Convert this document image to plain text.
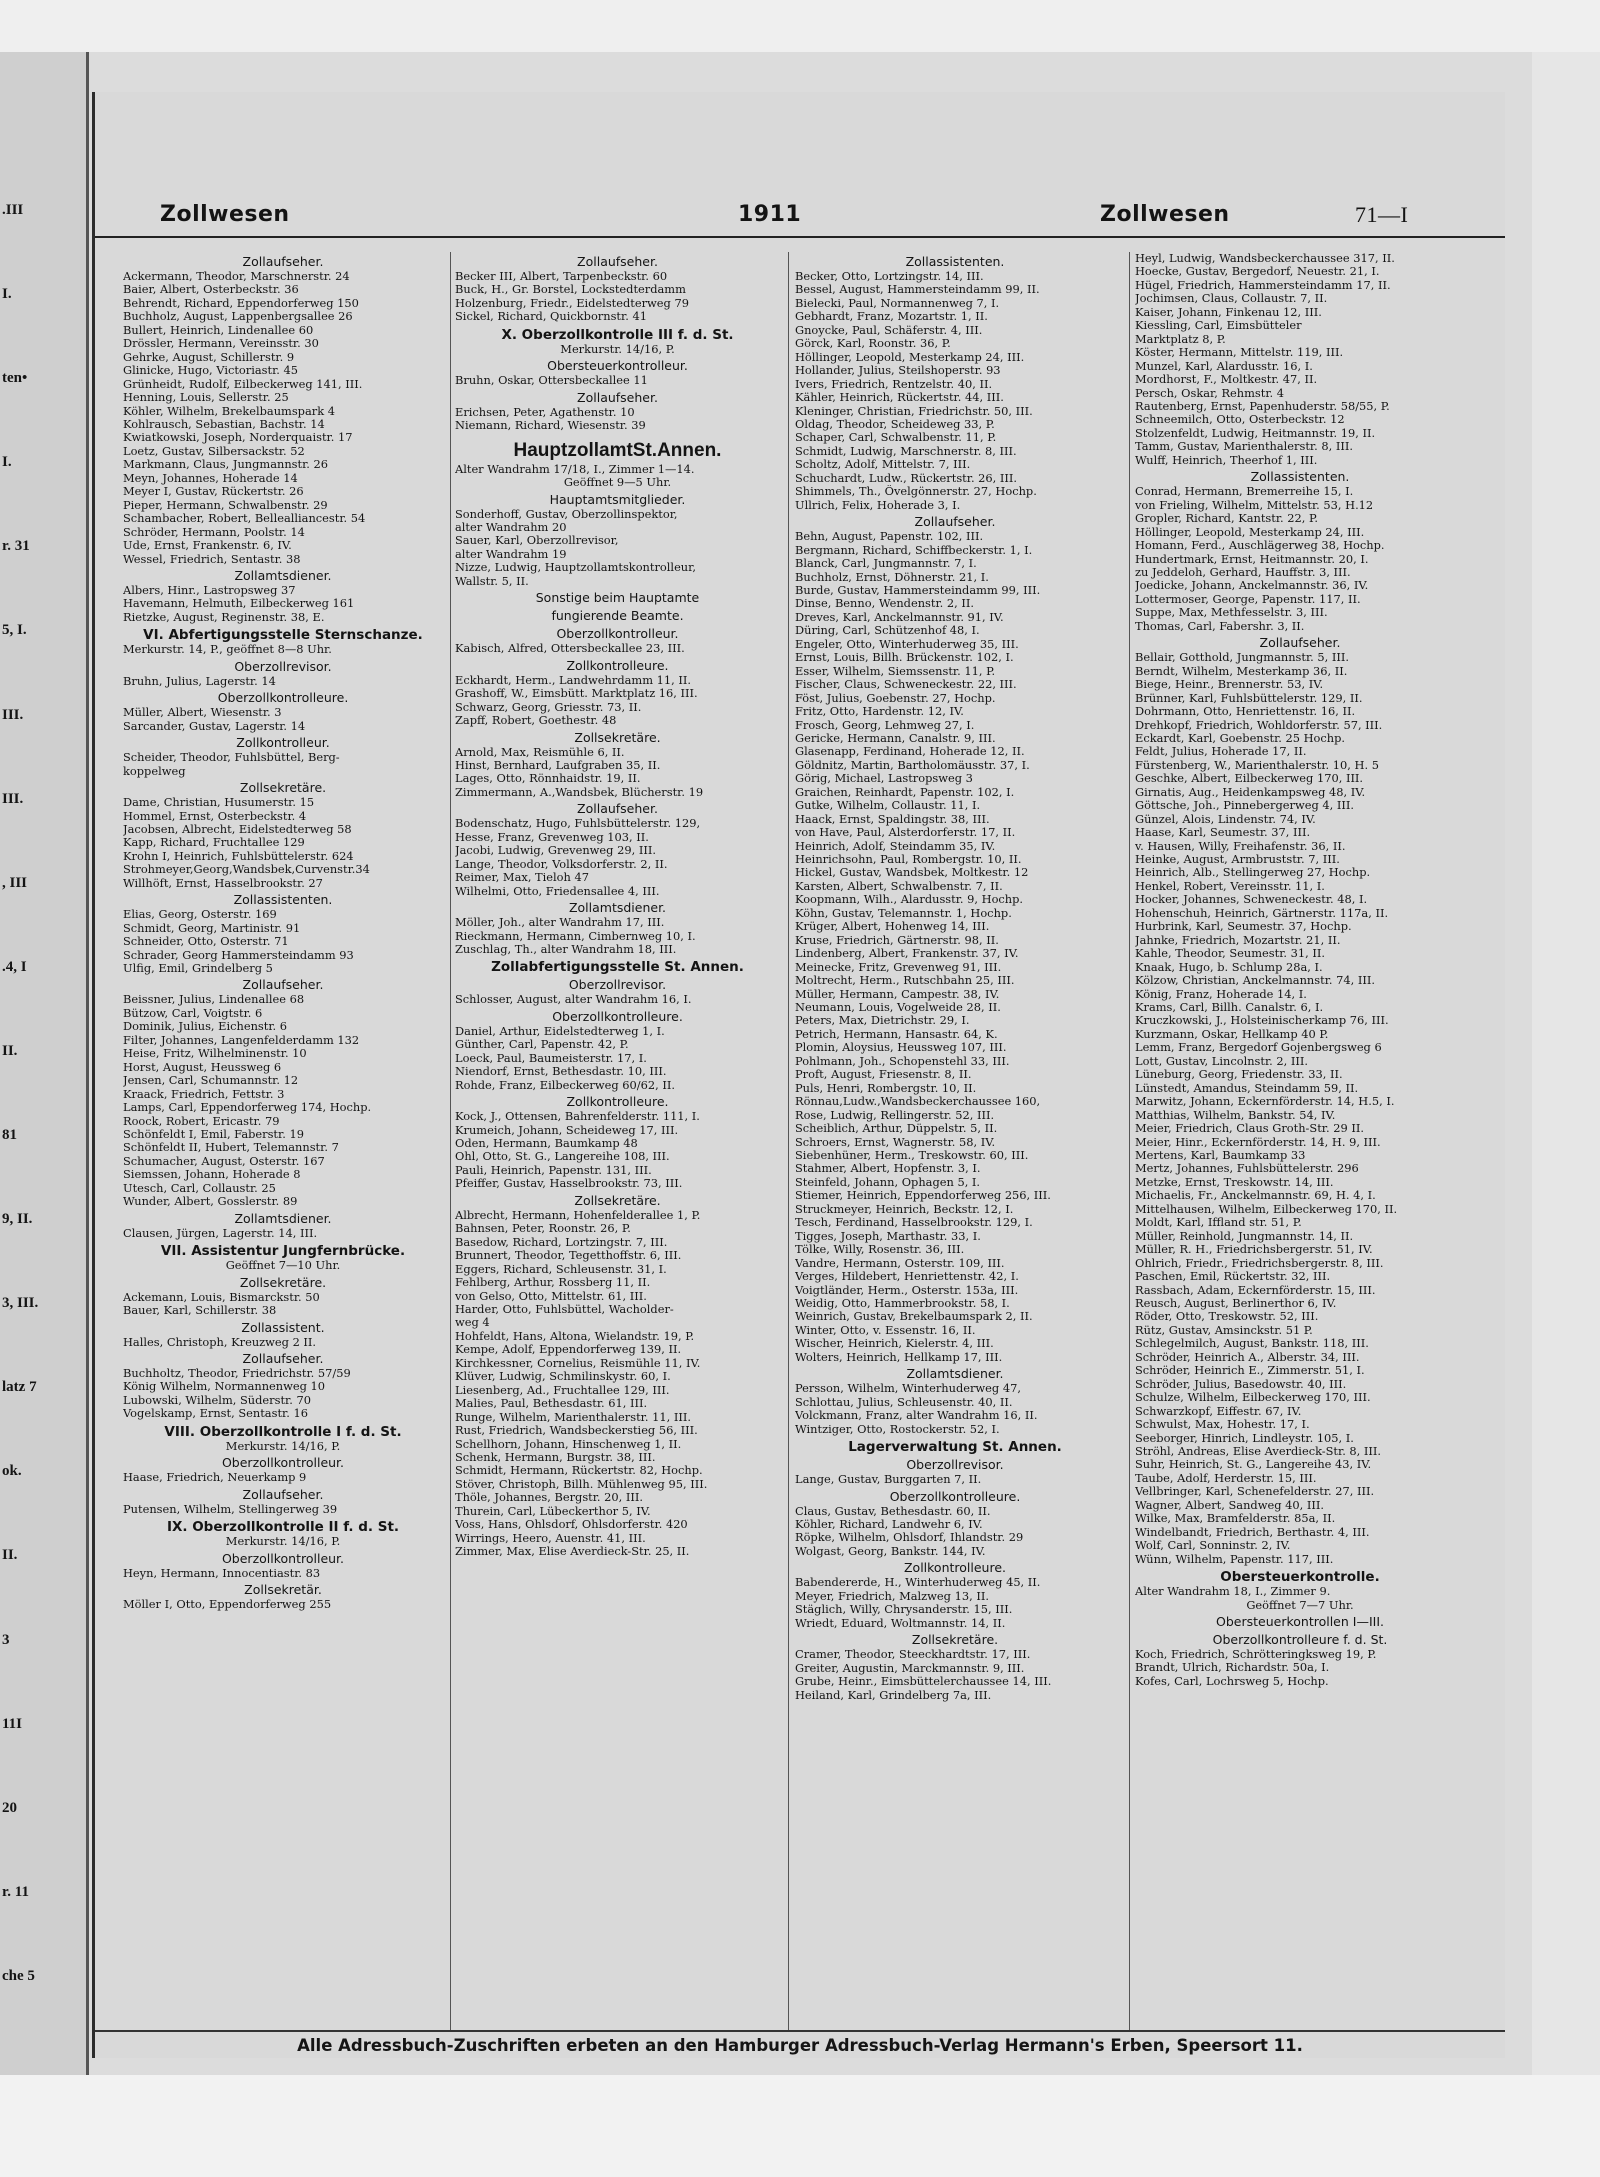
.III
I.
ten•
I.
r. 31
5, I.
III.
III.
, III
.4, I
II.
81
9, II.
3, III.
latz 7
ok.
II.
3
11I
20
r. 11
che 5
Zollwesen	1911	Zollwesen	71—I
Zollaufseher.
Ackermann, Theodor, Marschnerstr. 24
Baier, Albert, Osterbeckstr. 36
Behrendt, Richard, Eppendorferweg 150
Buchholz, August, Lappenbergsallee 26
Bullert, Heinrich, Lindenallee 60
Drössler, Hermann, Vereinsstr. 30
Gehrke, August, Schillerstr. 9
Glinicke, Hugo, Victoriastr. 45
Grünheidt, Rudolf, Eilbeckerweg 141, III.
Henning, Louis, Sellerstr. 25
Köhler, Wilhelm, Brekelbaumspark 4
Kohlrausch, Sebastian, Bachstr. 14
Kwiatkowski, Joseph, Norderquaistr. 17
Loetz, Gustav, Silbersackstr. 52
Markmann, Claus, Jungmannstr. 26
Meyn, Johannes, Hoherade 14
Meyer I, Gustav, Rückertstr. 26
Pieper, Hermann, Schwalbenstr. 29
Schambacher, Robert, Bellealliancestr. 54
Schröder, Hermann, Poolstr. 14
Ude, Ernst, Frankenstr. 6, IV.
Wessel, Friedrich, Sentastr. 38
Zollamtsdiener.
Albers, Hinr., Lastropsweg 37
Havemann, Helmuth, Eilbeckerweg 161
Rietzke, August, Reginenstr. 38, E.
VI. Abfertigungsstelle Sternschanze.
Merkurstr. 14, P., geöffnet 8—8 Uhr.
Oberzollrevisor.
Bruhn, Julius, Lagerstr. 14
Oberzollkontrolleure.
Müller, Albert, Wiesenstr. 3
Sarcander, Gustav, Lagerstr. 14
Zollkontrolleur.
Scheider, Theodor, Fuhlsbüttel, Berg-
koppelweg
Zollsekretäre.
Dame, Christian, Husumerstr. 15
Hommel, Ernst, Osterbeckstr. 4
Jacobsen, Albrecht, Eidelstedterweg 58
Kapp, Richard, Fruchtallee 129
Krohn I, Heinrich, Fuhlsbüttelerstr. 624
Strohmeyer,Georg,Wandsbek,Curvenstr.34
Willhöft, Ernst, Hasselbrookstr. 27
Zollassistenten.
Elias, Georg, Osterstr. 169
Schmidt, Georg, Martinistr. 91
Schneider, Otto, Osterstr. 71
Schrader, Georg Hammersteindamm 93
Ulfig, Emil, Grindelberg 5
Zollaufseher.
Beissner, Julius, Lindenallee 68
Bützow, Carl, Voigtstr. 6
Dominik, Julius, Eichenstr. 6
Filter, Johannes, Langenfelderdamm 132
Heise, Fritz, Wilhelminenstr. 10
Horst, August, Heussweg 6
Jensen, Carl, Schumannstr. 12
Kraack, Friedrich, Fettstr. 3
Lamps, Carl, Eppendorferweg 174, Hochp.
Roock, Robert, Ericastr. 79
Schönfeldt I, Emil, Faberstr. 19
Schönfeldt II, Hubert, Telemannstr. 7
Schumacher, August, Osterstr. 167
Siemssen, Johann, Hoherade 8
Utesch, Carl, Collaustr. 25
Wunder, Albert, Gosslerstr. 89
Zollamtsdiener.
Clausen, Jürgen, Lagerstr. 14, III.
VII. Assistentur Jungfernbrücke.
Geöffnet 7—10 Uhr.
Zollsekretäre.
Ackemann, Louis, Bismarckstr. 50
Bauer, Karl, Schillerstr. 38
Zollassistent.
Halles, Christoph, Kreuzweg 2 II.
Zollaufseher.
Buchholtz, Theodor, Friedrichstr. 57/59
König Wilhelm, Normannenweg 10
Lubowski, Wilhelm, Süderstr. 70
Vogelskamp, Ernst, Sentastr. 16
VIII. Oberzollkontrolle I f. d. St.
Merkurstr. 14/16, P.
Oberzollkontrolleur.
Haase, Friedrich, Neuerkamp 9
Zollaufseher.
Putensen, Wilhelm, Stellingerweg 39
IX. Oberzollkontrolle II f. d. St.
Merkurstr. 14/16, P.
Oberzollkontrolleur.
Heyn, Hermann, Innocentiastr. 83
Zollsekretär.
Möller I, Otto, Eppendorferweg 255
Zollaufseher.
Becker III, Albert, Tarpenbeckstr. 60
Buck, H., Gr. Borstel, Lockstedterdamm
Holzenburg, Friedr., Eidelstedterweg 79
Sickel, Richard, Quickbornstr. 41
X. Oberzollkontrolle III f. d. St.
Merkurstr. 14/16, P.
Obersteuerkontrolleur.
Bruhn, Oskar, Ottersbeckallee 11
Zollaufseher.
Erichsen, Peter, Agathenstr. 10
Niemann, Richard, Wiesenstr. 39
HauptzollamtSt.Annen.
Alter Wandrahm 17/18, I., Zimmer 1—14.
Geöffnet 9—5 Uhr.
Hauptamtsmitglieder.
Sonderhoff, Gustav, Oberzollinspektor,
alter Wandrahm 20
Sauer, Karl, Oberzollrevisor,
alter Wandrahm 19
Nizze, Ludwig, Hauptzollamtskontrolleur,
Wallstr. 5, II.
Sonstige beim Hauptamte
fungierende Beamte.
Oberzollkontrolleur.
Kabisch, Alfred, Ottersbeckallee 23, III.
Zollkontrolleure.
Eckhardt, Herm., Landwehrdamm 11, II.
Grashoff, W., Eimsbütt. Marktplatz 16, III.
Schwarz, Georg, Griesstr. 73, II.
Zapff, Robert, Goethestr. 48
Zollsekretäre.
Arnold, Max, Reismühle 6, II.
Hinst, Bernhard, Laufgraben 35, II.
Lages, Otto, Rönnhaidstr. 19, II.
Zimmermann, A.,Wandsbek, Blücherstr. 19
Zollaufseher.
Bodenschatz, Hugo, Fuhlsbüttelerstr. 129,
Hesse, Franz, Grevenweg 103, II.
Jacobi, Ludwig, Grevenweg 29, III.
Lange, Theodor, Volksdorferstr. 2, II.
Reimer, Max, Tieloh 47
Wilhelmi, Otto, Friedensallee 4, III.
Zollamtsdiener.
Möller, Joh., alter Wandrahm 17, III.
Rieckmann, Hermann, Cimbernweg 10, I.
Zuschlag, Th., alter Wandrahm 18, III.
Zollabfertigungsstelle St. Annen.
Oberzollrevisor.
Schlosser, August, alter Wandrahm 16, I.
Oberzollkontrolleure.
Daniel, Arthur, Eidelstedterweg 1, I.
Günther, Carl, Papenstr. 42, P.
Loeck, Paul, Baumeisterstr. 17, I.
Niendorf, Ernst, Bethesdastr. 10, III.
Rohde, Franz, Eilbeckerweg 60/62, II.
Zollkontrolleure.
Kock, J., Ottensen, Bahrenfelderstr. 111, I.
Krumeich, Johann, Scheideweg 17, III.
Oden, Hermann, Baumkamp 48
Ohl, Otto, St. G., Langereihe 108, III.
Pauli, Heinrich, Papenstr. 131, III.
Pfeiffer, Gustav, Hasselbrookstr. 73, III.
Zollsekretäre.
Albrecht, Hermann, Hohenfelderallee 1, P.
Bahnsen, Peter, Roonstr. 26, P.
Basedow, Richard, Lortzingstr. 7, III.
Brunnert, Theodor, Tegetthoffstr. 6, III.
Eggers, Richard, Schleusenstr. 31, I.
Fehlberg, Arthur, Rossberg 11, II.
von Gelso, Otto, Mittelstr. 61, III.
Harder, Otto, Fuhlsbüttel, Wacholder-
weg 4
Hohfeldt, Hans, Altona, Wielandstr. 19, P.
Kempe, Adolf, Eppendorferweg 139, II.
Kirchkessner, Cornelius, Reismühle 11, IV.
Klüver, Ludwig, Schmilinskystr. 60, I.
Liesenberg, Ad., Fruchtallee 129, III.
Malies, Paul, Bethesdastr. 61, III.
Runge, Wilhelm, Marienthalerstr. 11, III.
Rust, Friedrich, Wandsbeckerstieg 56, III.
Schellhorn, Johann, Hinschenweg 1, II.
Schenk, Hermann, Burgstr. 38, III.
Schmidt, Hermann, Rückertstr. 82, Hochp.
Stöver, Christoph, Billh. Mühlenweg 95, III.
Thöle, Johannes, Bergstr. 20, III.
Thurein, Carl, Lübeckerthor 5, IV.
Voss, Hans, Ohlsdorf, Ohlsdorferstr. 420
Wirrings, Heero, Auenstr. 41, III.
Zimmer, Max, Elise Averdieck-Str. 25, II.
Zollassistenten.
Becker, Otto, Lortzingstr. 14, III.
Bessel, August, Hammersteindamm 99, II.
Bielecki, Paul, Normannenweg 7, I.
Gebhardt, Franz, Mozartstr. 1, II.
Gnoycke, Paul, Schäferstr. 4, III.
Görck, Karl, Roonstr. 36, P.
Höllinger, Leopold, Mesterkamp 24, III.
Hollander, Julius, Steilshoperstr. 93
Ivers, Friedrich, Rentzelstr. 40, II.
Kähler, Heinrich, Rückertstr. 44, III.
Kleninger, Christian, Friedrichstr. 50, III.
Oldag, Theodor, Scheideweg 33, P.
Schaper, Carl, Schwalbenstr. 11, P.
Schmidt, Ludwig, Marschnerstr. 8, III.
Scholtz, Adolf, Mittelstr. 7, III.
Schuchardt, Ludw., Rückertstr. 26, III.
Shimmels, Th., Övelgönnerstr. 27, Hochp.
Ullrich, Felix, Hoherade 3, I.
Zollaufseher.
Behn, August, Papenstr. 102, III.
Bergmann, Richard, Schiffbeckerstr. 1, I.
Blanck, Carl, Jungmannstr. 7, I.
Buchholz, Ernst, Döhnerstr. 21, I.
Burde, Gustav, Hammersteindamm 99, III.
Dinse, Benno, Wendenstr. 2, II.
Dreves, Karl, Anckelmannstr. 91, IV.
Düring, Carl, Schützenhof 48, I.
Engeler, Otto, Winterhuderweg 35, III.
Ernst, Louis, Billh. Brückenstr. 102, I.
Esser, Wilhelm, Siemssenstr. 11, P.
Fischer, Claus, Schweneckestr. 22, III.
Föst, Julius, Goebenstr. 27, Hochp.
Fritz, Otto, Hardenstr. 12, IV.
Frosch, Georg, Lehmweg 27, I.
Gericke, Hermann, Canalstr. 9, III.
Glasenapp, Ferdinand, Hoherade 12, II.
Göldnitz, Martin, Bartholomäusstr. 37, I.
Görig, Michael, Lastropsweg 3
Graichen, Reinhardt, Papenstr. 102, I.
Gutke, Wilhelm, Collaustr. 11, I.
Haack, Ernst, Spaldingstr. 38, III.
von Have, Paul, Alsterdorferstr. 17, II.
Heinrich, Adolf, Steindamm 35, IV.
Heinrichsohn, Paul, Rombergstr. 10, II.
Hickel, Gustav, Wandsbek, Moltkestr. 12
Karsten, Albert, Schwalbenstr. 7, II.
Koopmann, Wilh., Alardusstr. 9, Hochp.
Köhn, Gustav, Telemannstr. 1, Hochp.
Krüger, Albert, Hohenweg 14, III.
Kruse, Friedrich, Gärtnerstr. 98, II.
Lindenberg, Albert, Frankenstr. 37, IV.
Meinecke, Fritz, Grevenweg 91, III.
Moltrecht, Herm., Rutschbahn 25, III.
Müller, Hermann, Campestr. 38, IV.
Neumann, Louis, Vogelweide 28, II.
Peters, Max, Dietrichstr. 29, I.
Petrich, Hermann, Hansastr. 64, K.
Plomin, Aloysius, Heussweg 107, III.
Pohlmann, Joh., Schopenstehl 33, III.
Proft, August, Friesenstr. 8, II.
Puls, Henri, Rombergstr. 10, II.
Rönnau,Ludw.,Wandsbeckerchaussee 160,
Rose, Ludwig, Rellingerstr. 52, III.
Scheiblich, Arthur, Düppelstr. 5, II.
Schroers, Ernst, Wagnerstr. 58, IV.
Siebenhüner, Herm., Treskowstr. 60, III.
Stahmer, Albert, Hopfenstr. 3, I.
Steinfeld, Johann, Ophagen 5, I.
Stiemer, Heinrich, Eppendorferweg 256, III.
Struckmeyer, Heinrich, Beckstr. 12, I.
Tesch, Ferdinand, Hasselbrookstr. 129, I.
Tigges, Joseph, Marthastr. 33, I.
Tölke, Willy, Rosenstr. 36, III.
Vandre, Hermann, Osterstr. 109, III.
Verges, Hildebert, Henriettenstr. 42, I.
Voigtländer, Herm., Osterstr. 153a, III.
Weidig, Otto, Hammerbrookstr. 58, I.
Weinrich, Gustav, Brekelbaumspark 2, II.
Winter, Otto, v. Essenstr. 16, II.
Wischer, Heinrich, Kielerstr. 4, III.
Wolters, Heinrich, Hellkamp 17, III.
Zollamtsdiener.
Persson, Wilhelm, Winterhuderweg 47,
Schlottau, Julius, Schleusenstr. 40, II.
Volckmann, Franz, alter Wandrahm 16, II.
Wintziger, Otto, Rostockerstr. 52, I.
Lagerverwaltung St. Annen.
Oberzollrevisor.
Lange, Gustav, Burggarten 7, II.
Oberzollkontrolleure.
Claus, Gustav, Bethesdastr. 60, II.
Köhler, Richard, Landwehr 6, IV.
Röpke, Wilhelm, Ohlsdorf, Ihlandstr. 29
Wolgast, Georg, Bankstr. 144, IV.
Zollkontrolleure.
Babendererde, H., Winterhuderweg 45, II.
Meyer, Friedrich, Malzweg 13, II.
Stäglich, Willy, Chrysanderstr. 15, III.
Wriedt, Eduard, Woltmannstr. 14, II.
Zollsekretäre.
Cramer, Theodor, Steeckhardtstr. 17, III.
Greiter, Augustin, Marckmannstr. 9, III.
Grube, Heinr., Eimsbüttelerchaussee 14, III.
Heiland, Karl, Grindelberg 7a, III.
Heyl, Ludwig, Wandsbeckerchaussee 317, II.
Hoecke, Gustav, Bergedorf, Neuestr. 21, I.
Hügel, Friedrich, Hammersteindamm 17, II.
Jochimsen, Claus, Collaustr. 7, II.
Kaiser, Johann, Finkenau 12, III.
Kiessling, Carl, Eimsbütteler
Marktplatz 8, P.
Köster, Hermann, Mittelstr. 119, III.
Munzel, Karl, Alardusstr. 16, I.
Mordhorst, F., Moltkestr. 47, II.
Persch, Oskar, Rehmstr. 4
Rautenberg, Ernst, Papenhuderstr. 58/55, P.
Schneemilch, Otto, Osterbeckstr. 12
Stolzenfeldt, Ludwig, Heitmannstr. 19, II.
Tamm, Gustav, Marienthalerstr. 8, III.
Wulff, Heinrich, Theerhof 1, III.
Zollassistenten.
Conrad, Hermann, Bremerreihe 15, I.
von Frieling, Wilhelm, Mittelstr. 53, H.12
Gropler, Richard, Kantstr. 22, P.
Höllinger, Leopold, Mesterkamp 24, III.
Homann, Ferd., Auschlägerweg 38, Hochp.
Hundertmark, Ernst, Heitmannstr. 20, I.
zu Jeddeloh, Gerhard, Hauffstr. 3, III.
Joedicke, Johann, Anckelmannstr. 36, IV.
Lottermoser, George, Papenstr. 117, II.
Suppe, Max, Methfesselstr. 3, III.
Thomas, Carl, Fabershr. 3, II.
Zollaufseher.
Bellair, Gotthold, Jungmannstr. 5, III.
Berndt, Wilhelm, Mesterkamp 36, II.
Biege, Heinr., Brennerstr. 53, IV.
Brünner, Karl, Fuhlsbüttelerstr. 129, II.
Dohrmann, Otto, Henriettenstr. 16, II.
Drehkopf, Friedrich, Wohldorferstr. 57, III.
Eckardt, Karl, Goebenstr. 25 Hochp.
Feldt, Julius, Hoherade 17, II.
Fürstenberg, W., Marienthalerstr. 10, H. 5
Geschke, Albert, Eilbeckerweg 170, III.
Girnatis, Aug., Heidenkampsweg 48, IV.
Göttsche, Joh., Pinnebergerweg 4, III.
Günzel, Alois, Lindenstr. 74, IV.
Haase, Karl, Seumestr. 37, III.
v. Hausen, Willy, Freihafenstr. 36, II.
Heinke, August, Armbruststr. 7, III.
Heinrich, Alb., Stellingerweg 27, Hochp.
Henkel, Robert, Vereinsstr. 11, I.
Hocker, Johannes, Schweneckestr. 48, I.
Hohenschuh, Heinrich, Gärtnerstr. 117a, II.
Hurbrink, Karl, Seumestr. 37, Hochp.
Jahnke, Friedrich, Mozartstr. 21, II.
Kahle, Theodor, Seumestr. 31, II.
Knaak, Hugo, b. Schlump 28a, I.
Kölzow, Christian, Anckelmannstr. 74, III.
König, Franz, Hoherade 14, I.
Krams, Carl, Billh. Canalstr. 6, I.
Kruczkowski, J., Holsteinischerkamp 76, III.
Kurzmann, Oskar, Hellkamp 40 P.
Lemm, Franz, Bergedorf Gojenbergsweg 6
Lott, Gustav, Lincolnstr. 2, III.
Lüneburg, Georg, Friedenstr. 33, II.
Lünstedt, Amandus, Steindamm 59, II.
Marwitz, Johann, Eckernförderstr. 14, H.5, I.
Matthias, Wilhelm, Bankstr. 54, IV.
Meier, Friedrich, Claus Groth-Str. 29 II.
Meier, Hinr., Eckernförderstr. 14, H. 9, III.
Mertens, Karl, Baumkamp 33
Mertz, Johannes, Fuhlsbüttelerstr. 296
Metzke, Ernst, Treskowstr. 14, III.
Michaelis, Fr., Anckelmannstr. 69, H. 4, I.
Mittelhausen, Wilhelm, Eilbeckerweg 170, II.
Moldt, Karl, Iffland str. 51, P.
Müller, Reinhold, Jungmannstr. 14, II.
Müller, R. H., Friedrichsbergerstr. 51, IV.
Ohlrich, Friedr., Friedrichsbergerstr. 8, III.
Paschen, Emil, Rückertstr. 32, III.
Rassbach, Adam, Eckernförderstr. 15, III.
Reusch, August, Berlinerthor 6, IV.
Röder, Otto, Treskowstr. 52, III.
Rütz, Gustav, Amsinckstr. 51 P.
Schlegelmilch, August, Bankstr. 118, III.
Schröder, Heinrich A., Alberstr. 34, III.
Schröder, Heinrich E., Zimmerstr. 51, I.
Schröder, Julius, Basedowstr. 40, III.
Schulze, Wilhelm, Eilbeckerweg 170, III.
Schwarzkopf, Eiffestr. 67, IV.
Schwulst, Max, Hohestr. 17, I.
Seeborger, Hinrich, Lindleystr. 105, I.
Ströhl, Andreas, Elise Averdieck-Str. 8, III.
Suhr, Heinrich, St. G., Langereihe 43, IV.
Taube, Adolf, Herderstr. 15, III.
Vellbringer, Karl, Schenefelderstr. 27, III.
Wagner, Albert, Sandweg 40, III.
Wilke, Max, Bramfelderstr. 85a, II.
Windelbandt, Friedrich, Berthastr. 4, III.
Wolf, Carl, Sonninstr. 2, IV.
Wünn, Wilhelm, Papenstr. 117, III.
Obersteuerkontrolle.
Alter Wandrahm 18, I., Zimmer 9.
Geöffnet 7—7 Uhr.
Obersteuerkontrollen I—III.
Oberzollkontrolleure f. d. St.
Koch, Friedrich, Schrötteringksweg 19, P.
Brandt, Ulrich, Richardstr. 50a, I.
Kofes, Carl, Lochrsweg 5, Hochp.
Alle Adressbuch-Zuschriften erbeten an den Hamburger Adressbuch-Verlag Hermann's Erben, Speersort 11.
